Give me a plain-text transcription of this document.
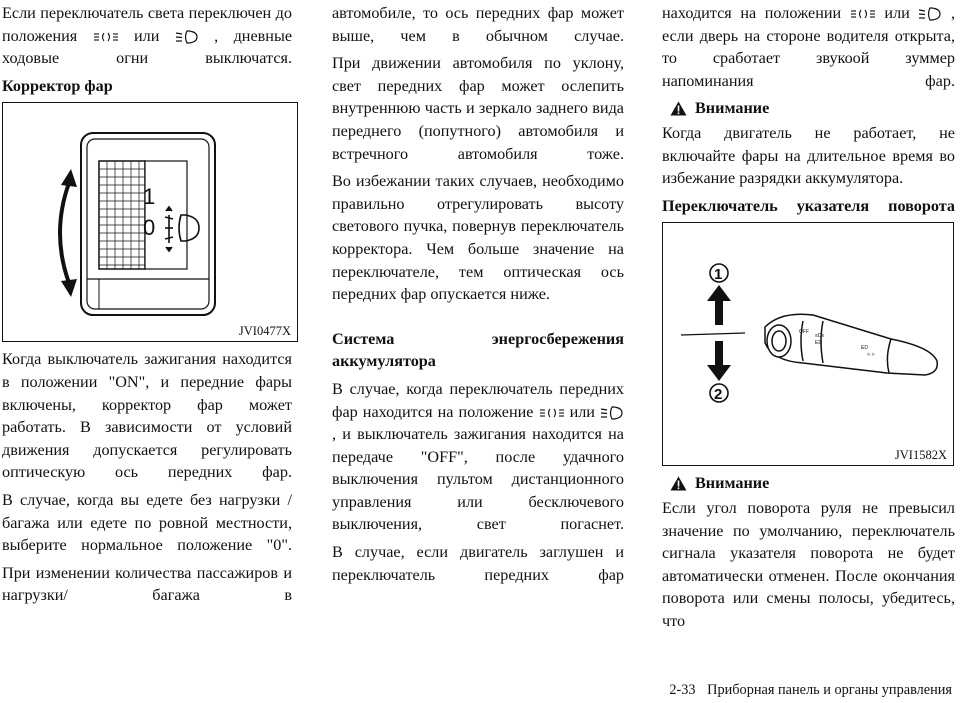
Если переключатель света переключен до положения	или	, дневные ходовые огни выключатся.

Корректор фар
1
0
JVI0477X

Когда выключатель зажигания находится в положении "ON", и передние фары включены, корректор фар может работать. В зависимости от условий движения допускается регулировать оптическую ось передних фар.

В случае, когда вы едете без нагрузки / багажа или едете по ровной местности, выберите нормальное положение "0".

При изменении количества пассажиров и нагрузки/ багажа в

автомобиле, то ось передних фар может выше, чем в обычном случае.

При движении автомобиля по уклону, свет передних фар может ослепить внутреннюю часть и зеркало заднего вида переднего (попутного) автомобиля и встречного автомобиля тоже.

Во избежании таких случаев, необходимо правильно отрегулировать высоту светового пучка, повернув переключатель корректора. Чем больше значение на переключателе, тем оптическая ось передних фар опускается ниже.

Система энергосбережения аккумулятора

В случае, когда переключатель передних фар находится на положение или
, и выключатель зажигания находится на передаче "OFF", после удачного выключения пультом дистанционного управления или бесключевого выключения, свет погаснет.

В случае, если двигатель заглушен и переключатель передних фар

находится на положении	или	, если дверь на стороне водителя открыта, то сработает звукоой зуммер напоминания фар.

Внимание

Когда двигатель не работает, не включайте фары на длительное время во избежание разрядки аккумулятора.

Переключатель указателя поворота
1
2
OFF
≡D≡
ED
ED
<·>
·
JVI1582X
Внимание

Если угол поворота руля не превысил значение по умолчанию, переключатель сигнала указателя поворота не будет автоматически отменен. После окончания поворота или смены полосы, убедитесь, что

2-33 Приборная панель и органы управления
